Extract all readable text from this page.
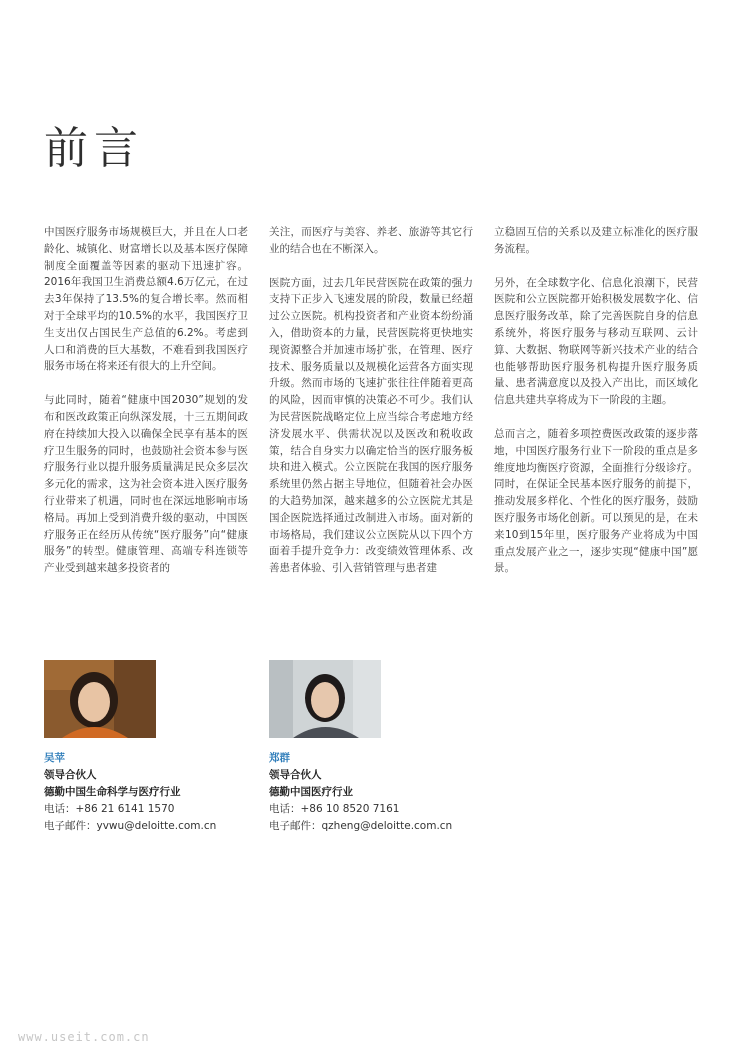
前言

中国医疗服务市场规模巨大，并且在人口老龄化、城镇化、财富增长以及基本医疗保障制度全面覆盖等因素的驱动下迅速扩容。2016年我国卫生消费总额4.6万亿元，在过去3年保持了13.5%的复合增长率。然而相对于全球平均的10.5%的水平，我国医疗卫生支出仅占国民生产总值的6.2%。考虑到人口和消费的巨大基数，不难看到我国医疗服务市场在将来还有很大的上升空间。

与此同时，随着“健康中国2030”规划的发布和医改政策正向纵深发展，十三五期间政府在持续加大投入以确保全民享有基本的医疗卫生服务的同时，也鼓励社会资本参与医疗服务行业以提升服务质量满足民众多层次多元化的需求，这为社会资本进入医疗服务行业带来了机遇，同时也在深远地影响市场格局。再加上受到消费升级的驱动，中国医疗服务正在经历从传统“医疗服务”向“健康服务”的转型。健康管理、高端专科连锁等产业受到越来越多投资者的

关注，而医疗与美容、养老、旅游等其它行业的结合也在不断深入。

医院方面，过去几年民营医院在政策的强力支持下正步入飞速发展的阶段，数量已经超过公立医院。机构投资者和产业资本纷纷涌入，借助资本的力量，民营医院将更快地实现资源整合并加速市场扩张，在管理、医疗技术、服务质量以及规模化运营各方面实现升级。然而市场的飞速扩张往往伴随着更高的风险，因而审慎的决策必不可少。我们认为民营医院战略定位上应当综合考虑地方经济发展水平、供需状况以及医改和税收政策，结合自身实力以确定恰当的医疗服务板块和进入模式。公立医院在我国的医疗服务系统里仍然占据主导地位，但随着社会办医的大趋势加深，越来越多的公立医院尤其是国企医院选择通过改制进入市场。面对新的市场格局，我们建议公立医院从以下四个方面着手提升竞争力：改变绩效管理体系、改善患者体验、引入营销管理与患者建

立稳固互信的关系以及建立标准化的医疗服务流程。

另外，在全球数字化、信息化浪潮下，民营医院和公立医院都开始积极发展数字化、信息医疗服务改革，除了完善医院自身的信息系统外，将医疗服务与移动互联网、云计算、大数据、物联网等新兴技术产业的结合也能够帮助医疗服务机构提升医疗服务质量、患者满意度以及投入产出比，而区域化信息共建共享将成为下一阶段的主题。

总而言之，随着多项控费医改政策的逐步落地，中国医疗服务行业下一阶段的重点是多维度地均衡医疗资源，全面推行分级诊疗。同时，在保证全民基本医疗服务的前提下，推动发展多样化、个性化的医疗服务，鼓励医疗服务市场化创新。可以预见的是，在未来10到15年里，医疗服务产业将成为中国重点发展产业之一，逐步实现“健康中国”愿景。

吴苹
领导合伙人
德勤中国生命科学与医疗行业
电话：+86 21 6141 1570
电子邮件：yvwu@deloitte.com.cn
郑群
领导合伙人
德勤中国医疗行业
电话：+86 10 8520 7161
电子邮件：qzheng@deloitte.com.cn
www.useit.com.cn
